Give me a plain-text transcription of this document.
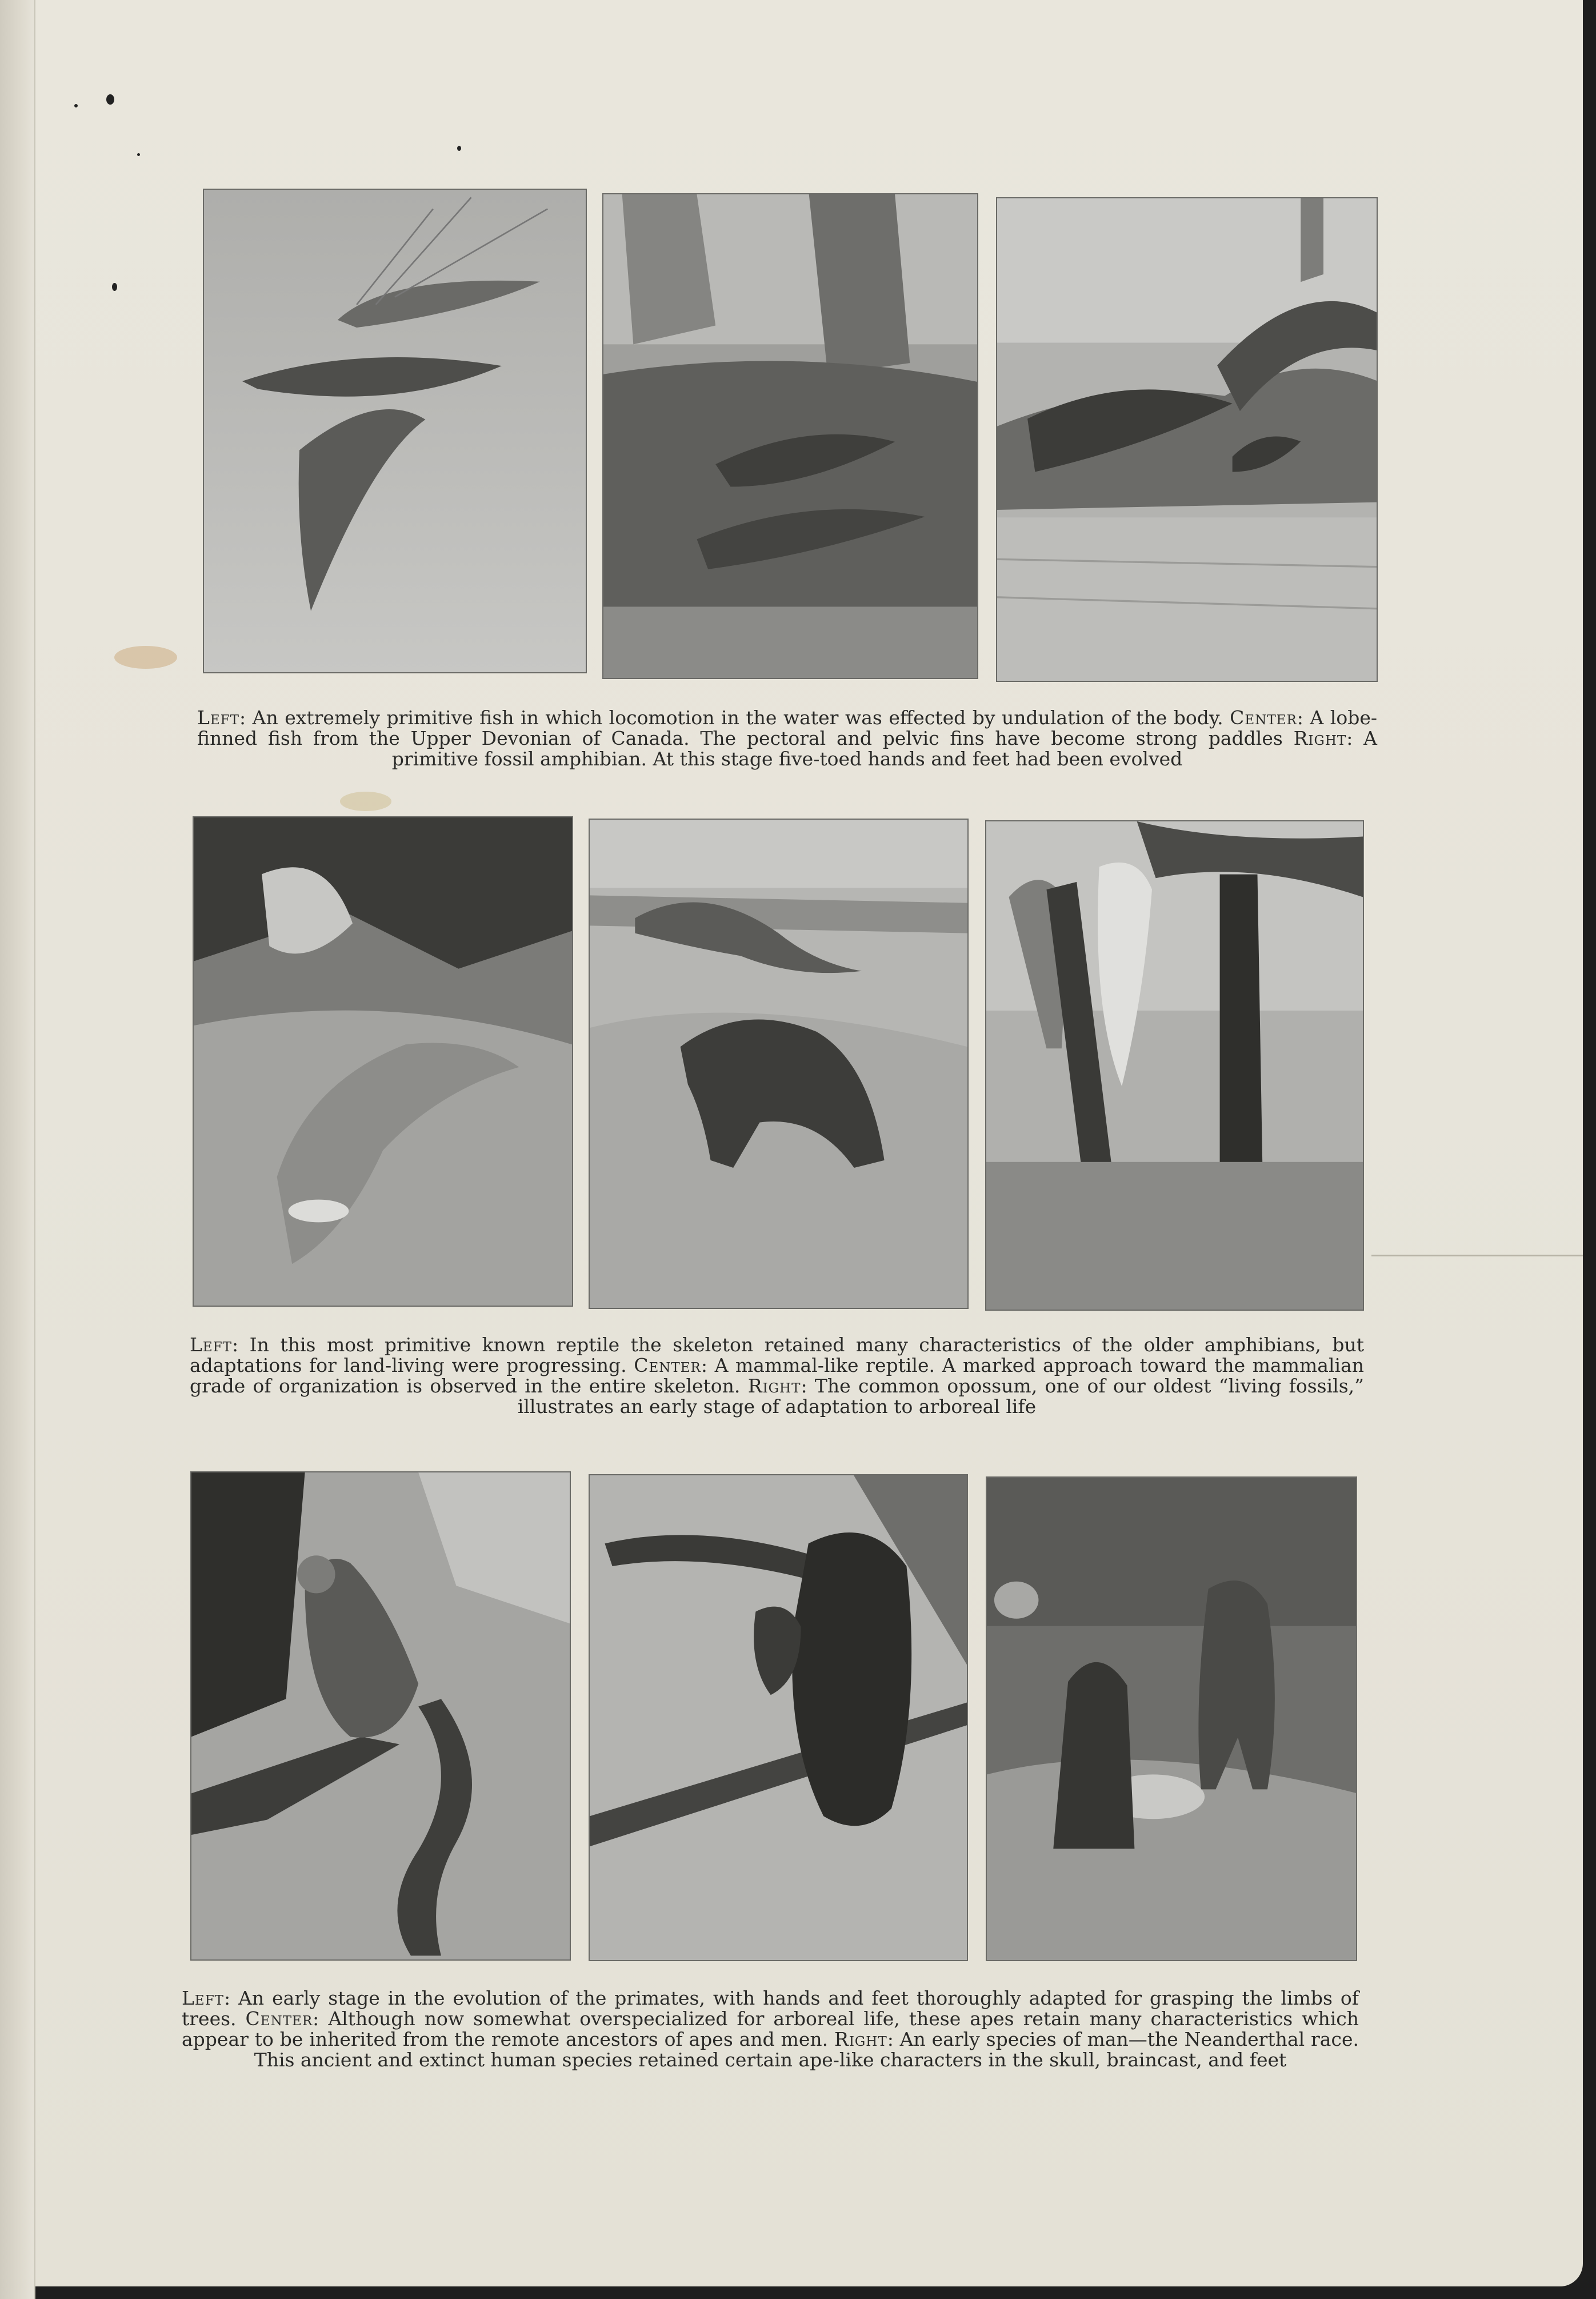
Left: An extremely primitive fish in which locomotion in the water was effected by undulation of the body. Center: A lobe-finned fish from the Upper Devonian of Canada. The pectoral and pelvic fins have become strong paddles Right: A primitive fossil amphibian. At this stage five-toed hands and feet had been evolved

Left: In this most primitive known reptile the skeleton retained many characteristics of the older amphibians, but adaptations for land-living were progressing. Center: A mammal-like reptile. A marked approach toward the mammalian grade of organization is observed in the entire skeleton. Right: The common opossum, one of our oldest “living fossils,” illustrates an early stage of adaptation to arboreal life

Left: An early stage in the evolution of the primates, with hands and feet thoroughly adapted for grasping the limbs of trees. Center: Although now somewhat overspecialized for arboreal life, these apes retain many characteristics which appear to be inherited from the remote ancestors of apes and men. Right: An early species of man—the Neanderthal race. This ancient and extinct human species retained certain ape-like characters in the skull, braincast, and feet
